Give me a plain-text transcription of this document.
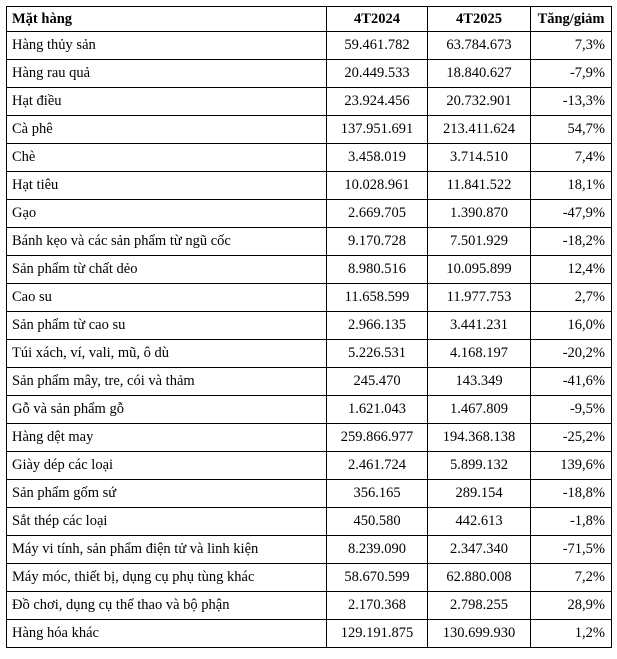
Mặt hàng	4T2024	4T2025	Tăng/giảm
Hàng thủy sản	59.461.782	63.784.673	7,3%
Hàng rau quả	20.449.533	18.840.627	-7,9%
Hạt điều	23.924.456	20.732.901	-13,3%
Cà phê	137.951.691	213.411.624	54,7%
Chè	3.458.019	3.714.510	7,4%
Hạt tiêu	10.028.961	11.841.522	18,1%
Gạo	2.669.705	1.390.870	-47,9%
Bánh kẹo và các sản phẩm từ ngũ cốc	9.170.728	7.501.929	-18,2%
Sản phẩm từ chất dẻo	8.980.516	10.095.899	12,4%
Cao su	11.658.599	11.977.753	2,7%
Sản phẩm từ cao su	2.966.135	3.441.231	16,0%
Túi xách, ví, vali, mũ, ô dù	5.226.531	4.168.197	-20,2%
Sản phẩm mây, tre, cói và thảm	245.470	143.349	-41,6%
Gỗ và sản phẩm gỗ	1.621.043	1.467.809	-9,5%
Hàng dệt may	259.866.977	194.368.138	-25,2%
Giày dép các loại	2.461.724	5.899.132	139,6%
Sản phẩm gốm sứ	356.165	289.154	-18,8%
Sắt thép các loại	450.580	442.613	-1,8%
Máy vi tính, sản phẩm điện tử và linh kiện	8.239.090	2.347.340	-71,5%
Máy móc, thiết bị, dụng cụ phụ tùng khác	58.670.599	62.880.008	7,2%
Đồ chơi, dụng cụ thể thao và bộ phận	2.170.368	2.798.255	28,9%
Hàng hóa khác	129.191.875	130.699.930	1,2%
